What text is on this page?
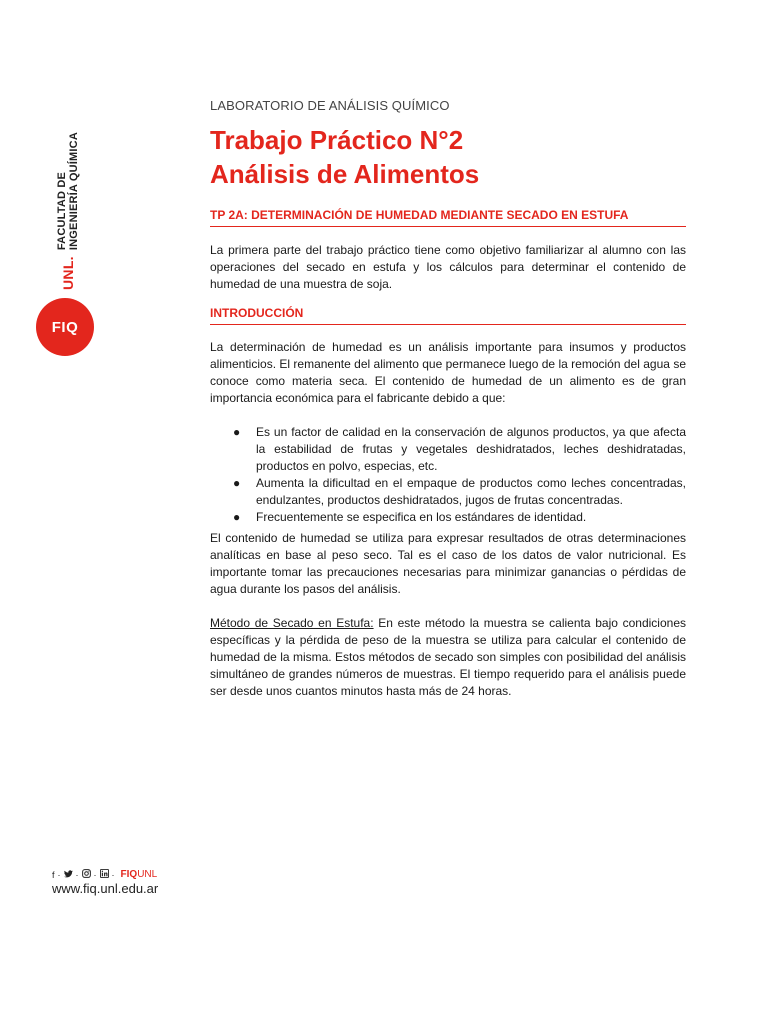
UNL.
FACULTAD DE INGENIERÍA QUÍMICA
FIQ
f · · · · FIQUNL
www.fiq.unl.edu.ar

LABORATORIO DE ANÁLISIS QUÍMICO

Trabajo Práctico N°2
Análisis de Alimentos
TP 2A: DETERMINACIÓN DE HUMEDAD MEDIANTE SECADO EN ESTUFA

La primera parte del trabajo práctico tiene como objetivo familiarizar al alumno con las operaciones del secado en estufa y los cálculos para determinar el contenido de humedad de una muestra de soja.

INTRODUCCIÓN

La determinación de humedad es un análisis importante para insumos y productos alimenticios. El remanente del alimento que permanece luego de la remoción del agua se conoce como materia seca. El contenido de humedad de un alimento es de gran importancia económica para el fabricante debido a que:

● Es un factor de calidad en la conservación de algunos productos, ya que afecta la estabilidad de frutas y vegetales deshidratados, leches deshidratadas, productos en polvo, especias, etc.
● Aumenta la dificultad en el empaque de productos como leches concentradas, endulzantes, productos deshidratados, jugos de frutas concentradas.
● Frecuentemente se especifica en los estándares de identidad.

El contenido de humedad se utiliza para expresar resultados de otras determinaciones analíticas en base al peso seco. Tal es el caso de los datos de valor nutricional. Es importante tomar las precauciones necesarias para minimizar ganancias o pérdidas de agua durante los pasos del análisis.

Método de Secado en Estufa: En este método la muestra se calienta bajo condiciones específicas y la pérdida de peso de la muestra se utiliza para calcular el contenido de humedad de la misma. Estos métodos de secado son simples con posibilidad del análisis simultáneo de grandes números de muestras. El tiempo requerido para el análisis puede ser desde unos cuantos minutos hasta más de 24 horas.
